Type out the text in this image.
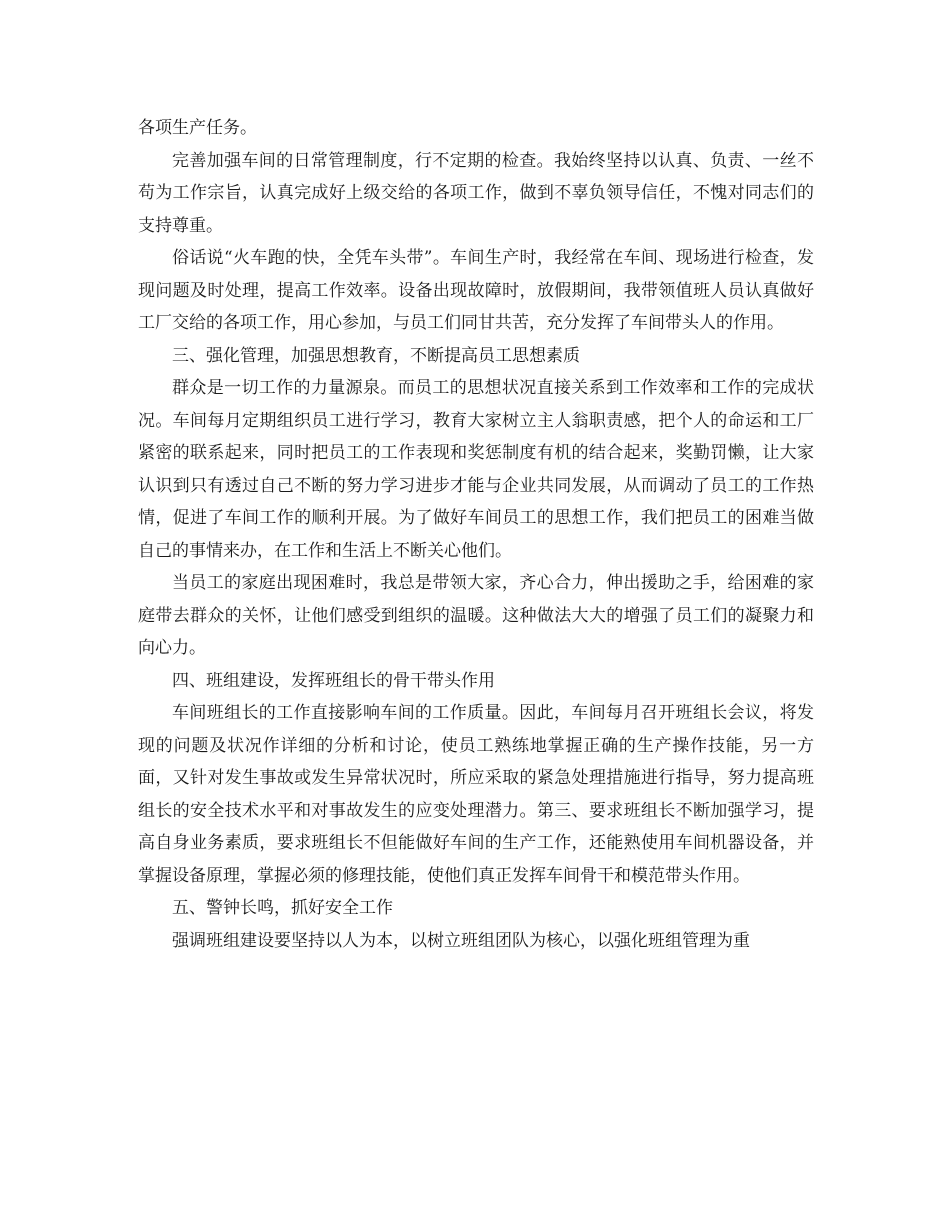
各项生产任务。

完善加强车间的日常管理制度，行不定期的检查。我始终坚持以认真、负责、一丝不苟为工作宗旨，认真完成好上级交给的各项工作，做到不辜负领导信任，不愧对同志们的支持尊重。

俗话说“火车跑的快，全凭车头带”。车间生产时，我经常在车间、现场进行检查，发现问题及时处理，提高工作效率。设备出现故障时，放假期间，我带领值班人员认真做好工厂交给的各项工作，用心参加，与员工们同甘共苦，充分发挥了车间带头人的作用。

三、强化管理，加强思想教育，不断提高员工思想素质

群众是一切工作的力量源泉。而员工的思想状况直接关系到工作效率和工作的完成状况。车间每月定期组织员工进行学习，教育大家树立主人翁职责感，把个人的命运和工厂紧密的联系起来，同时把员工的工作表现和奖惩制度有机的结合起来，奖勤罚懒，让大家认识到只有透过自己不断的努力学习进步才能与企业共同发展，从而调动了员工的工作热情，促进了车间工作的顺利开展。为了做好车间员工的思想工作，我们把员工的困难当做自己的事情来办，在工作和生活上不断关心他们。

当员工的家庭出现困难时，我总是带领大家，齐心合力，伸出援助之手，给困难的家庭带去群众的关怀，让他们感受到组织的温暖。这种做法大大的增强了员工们的凝聚力和向心力。

四、班组建设，发挥班组长的骨干带头作用

车间班组长的工作直接影响车间的工作质量。因此，车间每月召开班组长会议，将发现的问题及状况作详细的分析和讨论，使员工熟练地掌握正确的生产操作技能，另一方面，又针对发生事故或发生异常状况时，所应采取的紧急处理措施进行指导，努力提高班组长的安全技术水平和对事故发生的应变处理潜力。第三、要求班组长不断加强学习，提高自身业务素质，要求班组长不但能做好车间的生产工作，还能熟使用车间机器设备，并掌握设备原理，掌握必须的修理技能，使他们真正发挥车间骨干和模范带头作用。

五、警钟长鸣，抓好安全工作

强调班组建设要坚持以人为本，以树立班组团队为核心，以强化班组管理为重
